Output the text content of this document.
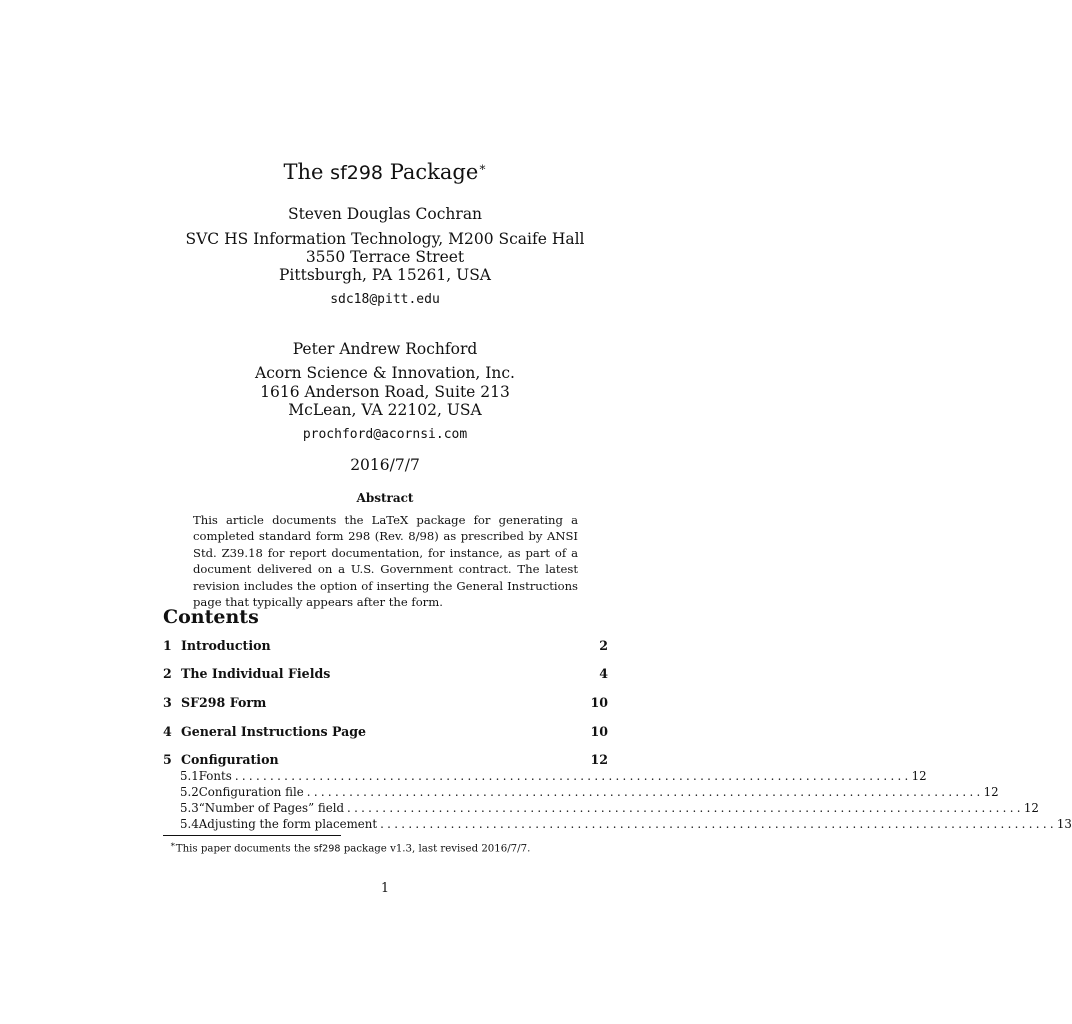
The sf298 Package∗
Steven Douglas Cochran
SVC HS Information Technology, M200 Scaife Hall
3550 Terrace Street
Pittsburgh, PA 15261, USA
sdc18@pitt.edu
Peter Andrew Rochford
Acorn Science & Innovation, Inc.
1616 Anderson Road, Suite 213
McLean, VA 22102, USA
prochford@acornsi.com
2016/7/7
Abstract
This article documents the LaTeX package for generating a completed standard form 298 (Rev. 8/98) as prescribed by ANSI Std. Z39.18 for report documentation, for instance, as part of a document delivered on a U.S. Government contract. The latest revision includes the option of inserting the General Instructions page that typically appears after the form.
Contents
1 Introduction	2
2 The Individual Fields	4
3 SF298 Form	10
4 General Instructions Page	10
5 Configuration	12
5.1 Fonts ................................................................................................ 12
5.2 Configuration file ................................................................................................ 12
5.3 “Number of Pages” field ................................................................................................ 12
5.4 Adjusting the form placement ................................................................................................ 13
∗This paper documents the sf298 package v1.3, last revised 2016/7/7.
1
